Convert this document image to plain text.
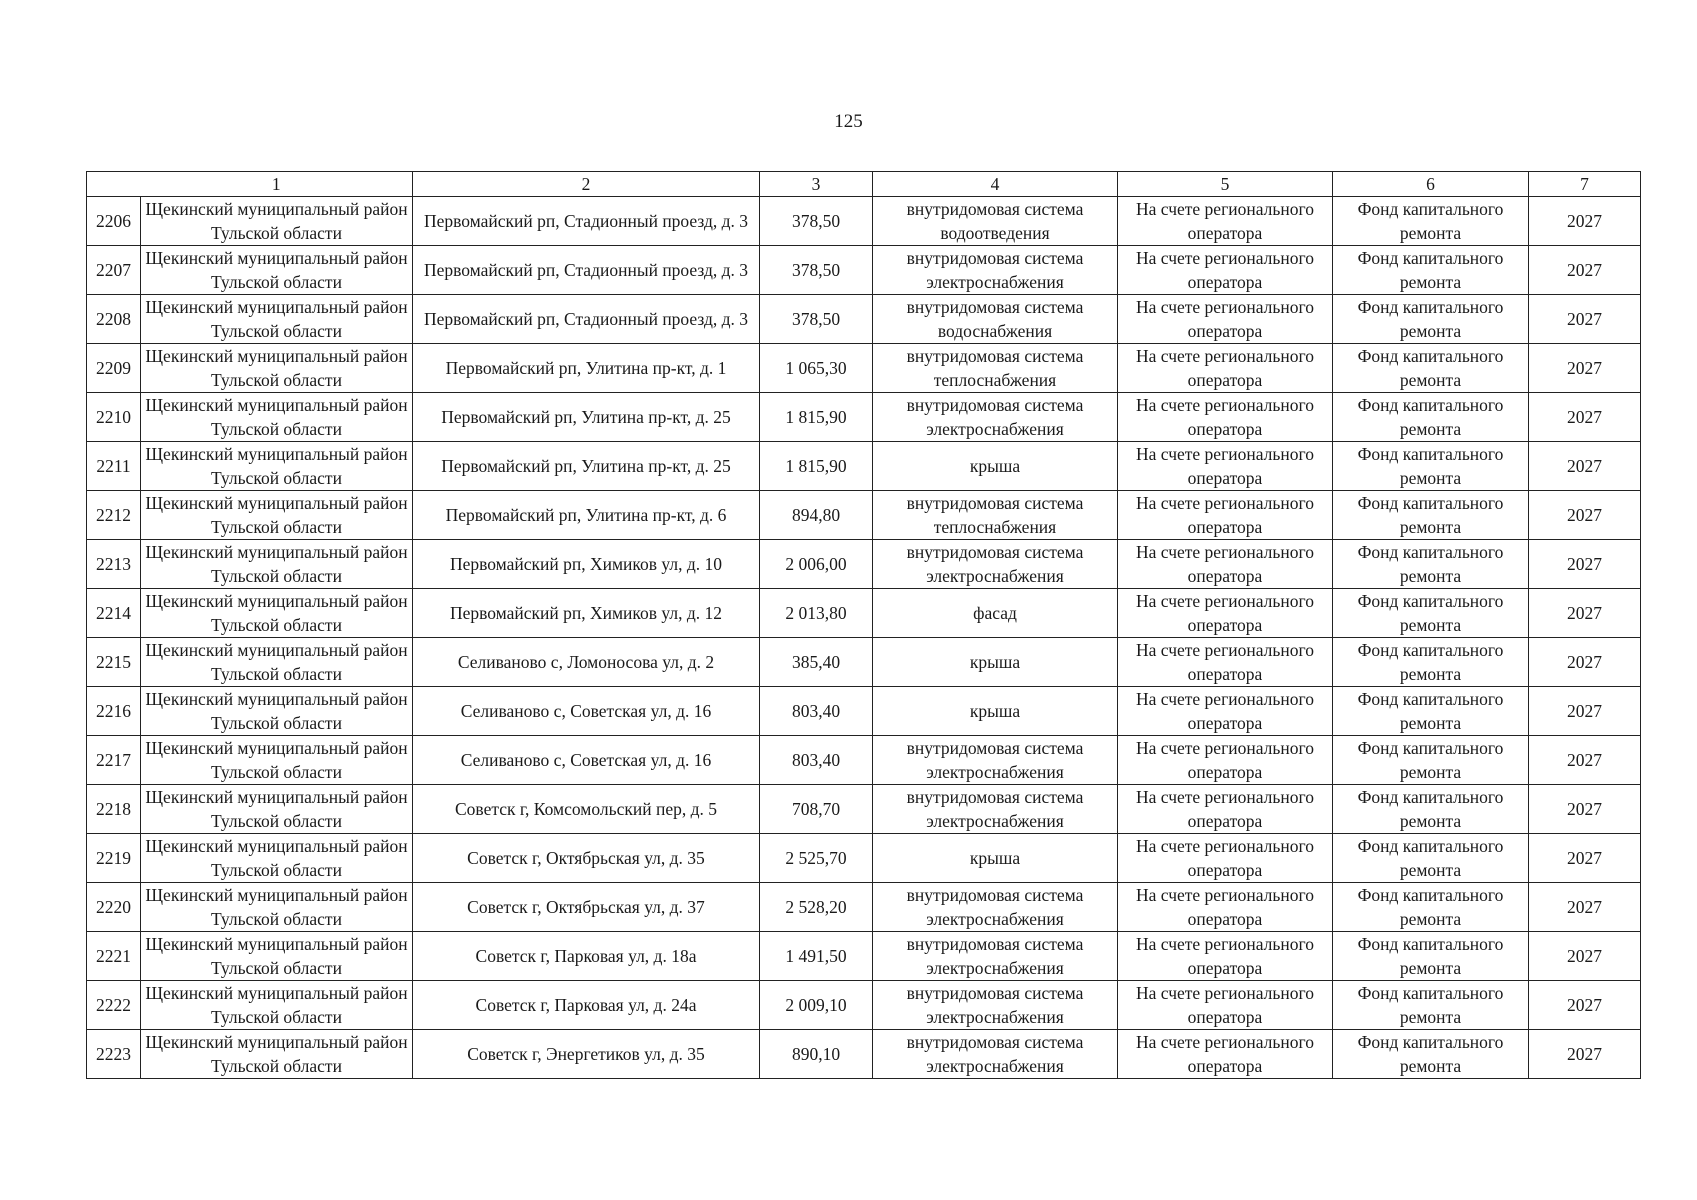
125
	1	2	3	4	5	6	7
2206	Щекинский муниципальный район Тульской области	Первомайский рп, Стадионный проезд, д. 3	378,50	внутридомовая система водоотведения	На счете регионального оператора	Фонд капитального ремонта	2027
2207	Щекинский муниципальный район Тульской области	Первомайский рп, Стадионный проезд, д. 3	378,50	внутридомовая система электроснабжения	На счете регионального оператора	Фонд капитального ремонта	2027
2208	Щекинский муниципальный район Тульской области	Первомайский рп, Стадионный проезд, д. 3	378,50	внутридомовая система водоснабжения	На счете регионального оператора	Фонд капитального ремонта	2027
2209	Щекинский муниципальный район Тульской области	Первомайский рп, Улитина пр-кт, д. 1	1 065,30	внутридомовая система теплоснабжения	На счете регионального оператора	Фонд капитального ремонта	2027
2210	Щекинский муниципальный район Тульской области	Первомайский рп, Улитина пр-кт, д. 25	1 815,90	внутридомовая система электроснабжения	На счете регионального оператора	Фонд капитального ремонта	2027
2211	Щекинский муниципальный район Тульской области	Первомайский рп, Улитина пр-кт, д. 25	1 815,90	крыша	На счете регионального оператора	Фонд капитального ремонта	2027
2212	Щекинский муниципальный район Тульской области	Первомайский рп, Улитина пр-кт, д. 6	894,80	внутридомовая система теплоснабжения	На счете регионального оператора	Фонд капитального ремонта	2027
2213	Щекинский муниципальный район Тульской области	Первомайский рп, Химиков ул, д. 10	2 006,00	внутридомовая система электроснабжения	На счете регионального оператора	Фонд капитального ремонта	2027
2214	Щекинский муниципальный район Тульской области	Первомайский рп, Химиков ул, д. 12	2 013,80	фасад	На счете регионального оператора	Фонд капитального ремонта	2027
2215	Щекинский муниципальный район Тульской области	Селиваново с, Ломоносова ул, д. 2	385,40	крыша	На счете регионального оператора	Фонд капитального ремонта	2027
2216	Щекинский муниципальный район Тульской области	Селиваново с, Советская ул, д. 16	803,40	крыша	На счете регионального оператора	Фонд капитального ремонта	2027
2217	Щекинский муниципальный район Тульской области	Селиваново с, Советская ул, д. 16	803,40	внутридомовая система электроснабжения	На счете регионального оператора	Фонд капитального ремонта	2027
2218	Щекинский муниципальный район Тульской области	Советск г, Комсомольский пер, д. 5	708,70	внутридомовая система электроснабжения	На счете регионального оператора	Фонд капитального ремонта	2027
2219	Щекинский муниципальный район Тульской области	Советск г, Октябрьская ул, д. 35	2 525,70	крыша	На счете регионального оператора	Фонд капитального ремонта	2027
2220	Щекинский муниципальный район Тульской области	Советск г, Октябрьская ул, д. 37	2 528,20	внутридомовая система электроснабжения	На счете регионального оператора	Фонд капитального ремонта	2027
2221	Щекинский муниципальный район Тульской области	Советск г, Парковая ул, д. 18а	1 491,50	внутридомовая система электроснабжения	На счете регионального оператора	Фонд капитального ремонта	2027
2222	Щекинский муниципальный район Тульской области	Советск г, Парковая ул, д. 24а	2 009,10	внутридомовая система электроснабжения	На счете регионального оператора	Фонд капитального ремонта	2027
2223	Щекинский муниципальный район Тульской области	Советск г, Энергетиков ул, д. 35	890,10	внутридомовая система электроснабжения	На счете регионального оператора	Фонд капитального ремонта	2027
